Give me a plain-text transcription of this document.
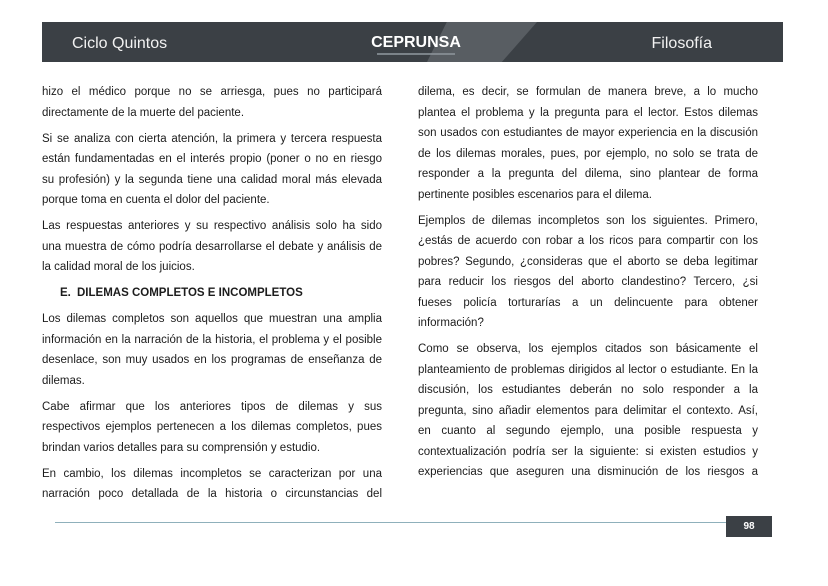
Ciclo Quintos	CEPRUNSA	Filosofía

hizo el médico porque no se arriesga, pues no participará
directamente de la muerte del paciente.

Si se analiza con cierta atención, la primera y tercera respuesta
están fundamentadas en el interés propio (poner o no en riesgo
su profesión) y la segunda tiene una calidad moral más elevada
porque toma en cuenta el dolor del paciente.

Las respuestas anteriores y su respectivo análisis solo ha sido
una muestra de cómo podría desarrollarse el debate y análisis de
la calidad moral de los juicios.

E. DILEMAS COMPLETOS E INCOMPLETOS

Los dilemas completos son aquellos que muestran una amplia
información en la narración de la historia, el problema y el posible
desenlace, son muy usados en los programas de enseñanza de
dilemas.

Cabe afirmar que los anteriores tipos de dilemas y sus
respectivos ejemplos pertenecen a los dilemas completos, pues
brindan varios detalles para su comprensión y estudio.

En cambio, los dilemas incompletos se caracterizan por una
narración poco detallada de la historia o circunstancias del

dilema, es decir, se formulan de manera breve, a lo mucho
plantea el problema y la pregunta para el lector. Estos dilemas
son usados con estudiantes de mayor experiencia en la discusión
de los dilemas morales, pues, por ejemplo, no solo se trata de
responder a la pregunta del dilema, sino plantear de forma
pertinente posibles escenarios para el dilema.

Ejemplos de dilemas incompletos son los siguientes. Primero,
¿estás de acuerdo con robar a los ricos para compartir con los
pobres? Segundo, ¿consideras que el aborto se deba legitimar
para reducir los riesgos del aborto clandestino? Tercero, ¿si
fueses policía torturarías a un delincuente para obtener
información?

Como se observa, los ejemplos citados son básicamente el
planteamiento de problemas dirigidos al lector o estudiante. En la
discusión, los estudiantes deberán no solo responder a la
pregunta, sino añadir elementos para delimitar el contexto. Así,
en cuanto al segundo ejemplo, una posible respuesta y
contextualización podría ser la siguiente: si existen estudios y
experiencias que aseguren una disminución de los riesgos a

98
